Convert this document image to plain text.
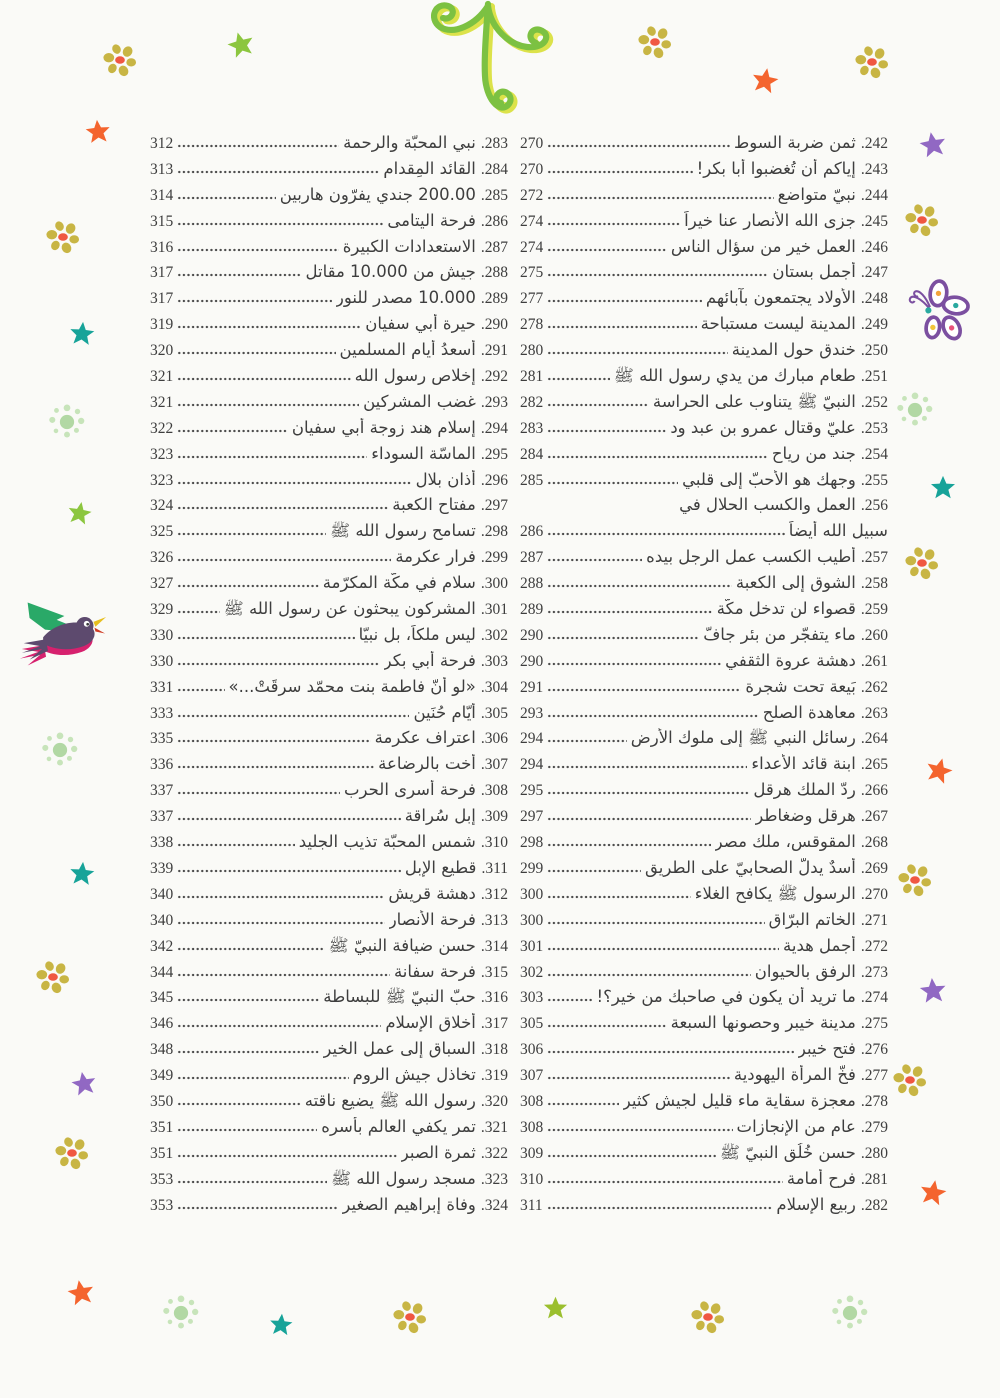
242.
ثمن ضربة السوط
270
243.
إياكم أن تُغضبوا أبا بكر!
270
244.
نبيّ متواضع
272
245.
جزى الله الأنصار عنا خيراً
274
246.
العمل خير من سؤال الناس
274
247.
أجمل بستان
275
248.
الأولاد يجتمعون بآبائهم
277
249.
المدينة ليست مستباحة
278
250.
خندق حول المدينة
280
251.
طعام مبارك من يدي رسول الله ﷺ
281
252.
النبيّ ﷺ يتناوب على الحراسة
282
253.
عليّ وقتال عمرو بن عبد ود
283
254.
جند من رياح
284
255.
وجهك هو الأحبّ إلى قلبي
285
256.
العمل والكسب الحلال في
سبيل الله أيضاً
286
257.
أطيب الكسب عمل الرجل بيده
287
258.
الشوق إلى الكعبة
288
259.
قصواء لن تدخل مكّة
289
260.
ماء يتفجّر من بئر جافّ
290
261.
دهشة عروة الثقفي
290
262.
بَيعة تحت شجرة
291
263.
معاهدة الصلح
293
264.
رسائل النبي ﷺ إلى ملوك الأرض
294
265.
ابنة قائد الأعداء
294
266.
ردّ الملك هرقل
295
267.
هرقل وضغاطر
297
268.
المقوقس، ملك مصر
298
269.
أسدٌ يدلّ الصحابيّ على الطريق
299
270.
الرسول ﷺ يكافح الغلاء
300
271.
الخاتم البرّاق
300
272.
أجمل هدية
301
273.
الرفق بالحيوان
302
274.
ما تريد أن يكون في صاحبك من خير؟!
303
275.
مدينة خيبر وحصونها السبعة
305
276.
فتح خيبر
306
277.
فخّ المرأة اليهودية
307
278.
معجزة سقاية ماء قليل لجيش كثير
308
279.
عام من الإنجازات
308
280.
حسن خُلُق النبيّ ﷺ
309
281.
فرح أمامة
310
282.
ربيع الإسلام
311
283.
نبي المحبّة والرحمة
312
284.
القائد المِقدام
313
285.
200.00 جندي يفرّون هاربين
314
286.
فرحة اليتامى
315
287.
الاستعدادات الكبيرة
316
288.
جيش من 10.000 مقاتل
317
289.
10.000 مصدر للنور
317
290.
حيرة أبي سفيان
319
291.
أسعدُ أيام المسلمين
320
292.
إخلاص رسول الله
321
293.
غضب المشركين
321
294.
إسلام هند زوجة أبي سفيان
322
295.
الماسّة السوداء
323
296.
أذان بلال
323
297.
مفتاح الكعبة
324
298.
تسامح رسول الله ﷺ
325
299.
فرار عكرمة
326
300.
سلام في مكّة المكرّمة
327
301.
المشركون يبحثون عن رسول الله ﷺ
329
302.
ليس ملكاً، بل نبيّا
330
303.
فرحة أبي بكر
330
304.
«لو أنّ فاطمة بنت محمّد سرقَتْ...»
331
305.
أيّام حُنَين
333
306.
اعتراف عكرمة
335
307.
أخت بالرضاعة
336
308.
فرحة أسرى الحرب
337
309.
إبل سُراقة
337
310.
شمس المحبّة تذيب الجليد
338
311.
قطيع الإبل
339
312.
دهشة قريش
340
313.
فرحة الأنصار
340
314.
حسن ضيافة النبيّ ﷺ
342
315.
فرحة سفانة
344
316.
حبّ النبيّ ﷺ للبساطة
345
317.
أخلاق الإسلام
346
318.
السباق إلى عمل الخير
348
319.
تخاذل جيش الروم
349
320.
رسول الله ﷺ يضيع ناقته
350
321.
تمر يكفي العالم بأسره
351
322.
ثمرة الصبر
351
323.
مسجد رسول الله ﷺ
353
324.
وفاة إبراهيم الصغير
353
